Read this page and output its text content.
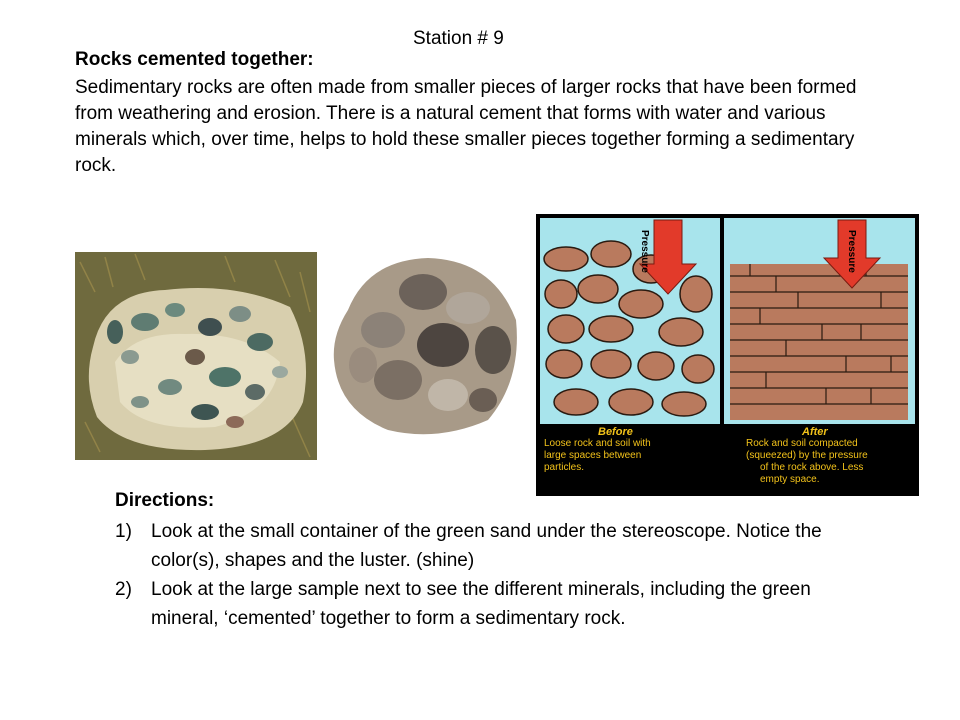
Station # 9
Rocks cemented together:
Sedimentary rocks are often made from smaller pieces of larger rocks that have been formed from weathering and erosion. There is a natural cement that forms with water and various minerals which, over time, helps to hold these smaller pieces together forming a sedimentary rock.
Pressure	Pressure
Before
Loose rock and soil with
large spaces between
particles.
After
Rock and soil compacted
(squeezed) by the pressure
of the rock above. Less
empty space.
Directions:
1) Look at the small container of the green sand under the stereoscope. Notice the color(s), shapes and the luster. (shine)
2) Look at the large sample next to see the different minerals, including the green mineral, ‘cemented’ together to form a sedimentary rock.
